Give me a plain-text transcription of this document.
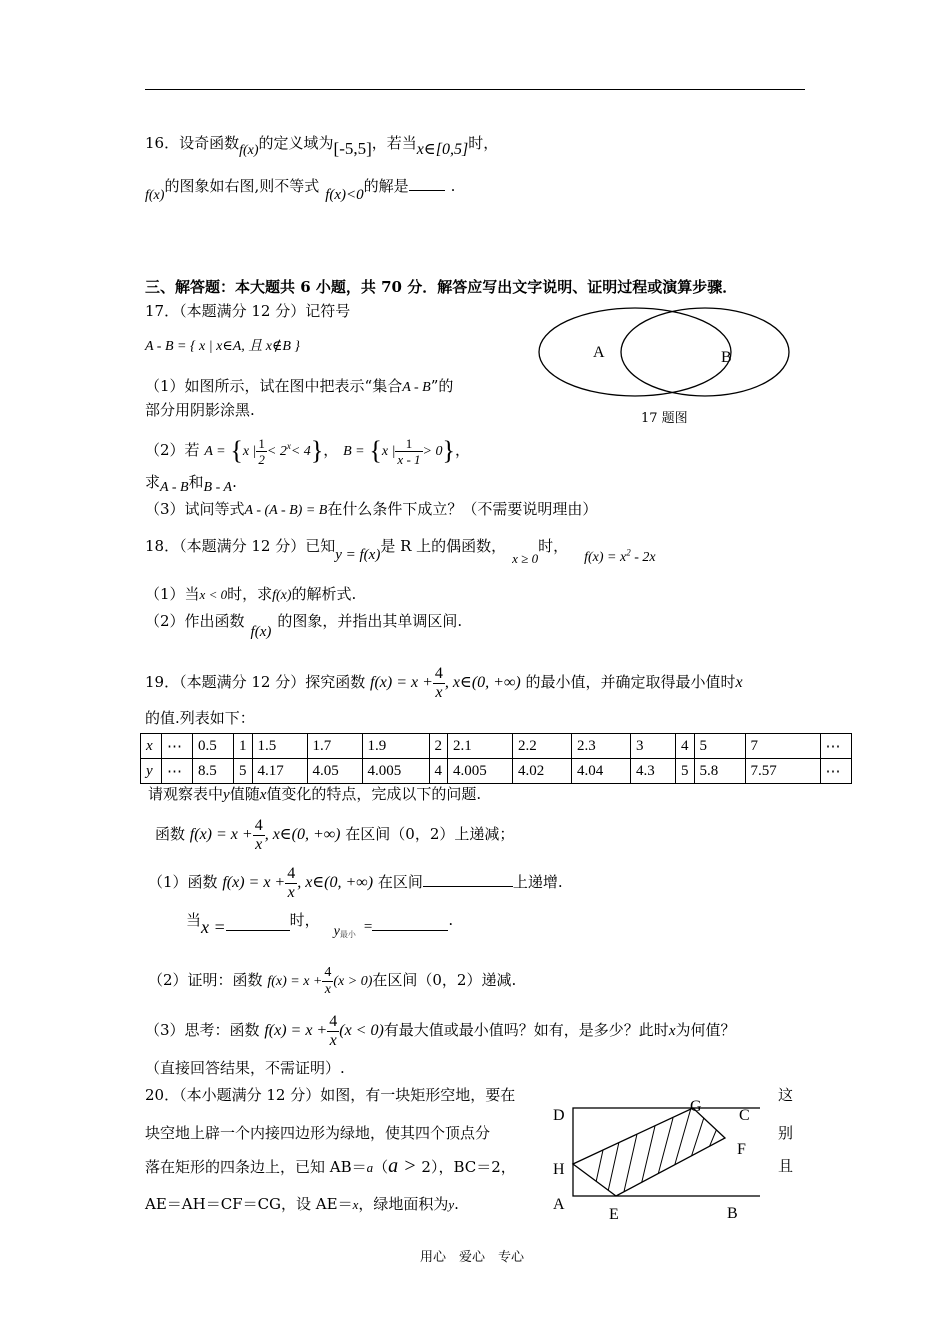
16．设奇函数f(x)的定义域为[-5,5]，若当x∈[0,5]时，
f(x)的图象如右图,则不等式 f(x)<0的解是	.
三、解答题：本大题共 6 小题，共 70 分．解答应写出文字说明、证明过程或演算步骤．
17．（本题满分 12 分）记符号
A - B = { x | x∈A, 且 x∉B }
（1）如图所示，试在图中把表示“集合A - B”的
部分用阴影涂黑.
（2）若 A = {x | $\frac{1}{2} < 2^x< 4$}， B = {x | $\frac{1}{x - 1} > 0$}，
求A - B和B - A.
（3）试问等式A - (A - B) = B在什么条件下成立？（不需要说明理由）
A	B
17 题图
18．（本题满分 12 分）已知y = f(x)是 R 上的偶函数，x ≥ 0时，$f(x) = x^2 - 2x$
（1）当x < 0时，求f(x)的解析式.
（2）作出函数f(x)的图象，并指出其单调区间.
19．（本题满分 12 分）探究函数 $f(x) = x + \frac{4}{x}$ , x∈(0, +∞) 的最小值，并确定取得最小值时x
的值.列表如下：
x	⋯	0.5	1	1.5	1.7	1.9	2	2.1	2.2	2.3	3	4	5	7	⋯
y	⋯	8.5	5	4.17	4.05	4.005	4	4.005	4.02	4.04	4.3	5	5.8	7.57	⋯
请观察表中y值随x值变化的特点，完成以下的问题.
函数 $f(x) = x + \frac{4}{x}$ , x∈(0, +∞) 在区间（0，2）上递减；
（1）函数 $f(x) = x + \frac{4}{x}$ , x∈(0, +∞) 在区间	上递增.
当x =	时，$y_{最小}$ =	.
（2）证明：函数 $f(x) = x + \frac{4}{x} (x > 0)$在区间（0，2）递减.
（3）思考：函数 $f(x) = x + \frac{4}{x} (x < 0)$有最大值或最小值吗？如有，是多少？此时x为何值？
（直接回答结果，不需证明）.
20．（本小题满分 12 分）如图，有一块矩形空地，要在	这
块空地上辟一个内接四边形为绿地，使其四个顶点分	别
落在矩形的四条边上，已知 AB＝a（a > 2），BC＝2，	且
AE＝AH＝CF＝CG，设 AE＝x，绿地面积为y.
D
G
C
F
H
A
E	B
用心　爱心　专心
